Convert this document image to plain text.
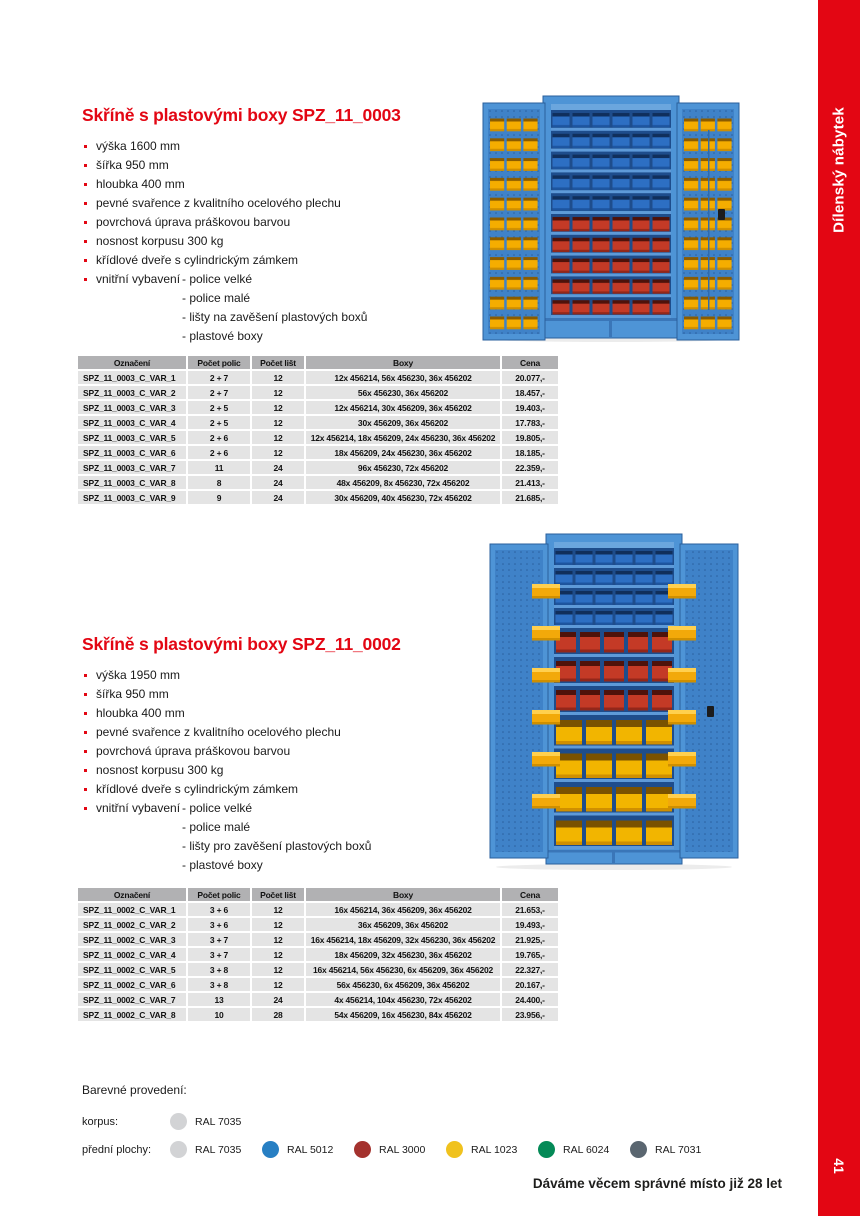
Skříně s plastovými boxy SPZ_11_0003
výška 1600 mm
šířka 950 mm
hloubka 400 mm
pevné svařence z kvalitního ocelového plechu
povrchová úprava práškovou barvou
nosnost korpusu 300 kg
křídlové dveře s cylindrickým zámkem
vnitřní vybavení - police velké
- police malé
- lišty na zavěšení plastových boxů
- plastové boxy
Označení	Počet polic	Počet lišt	Boxy	Cena
SPZ_11_0003_C_VAR_1	2 + 7	12	12x 456214, 56x 456230, 36x 456202	20.077,-
SPZ_11_0003_C_VAR_2	2 + 7	12	56x 456230, 36x 456202	18.457,-
SPZ_11_0003_C_VAR_3	2 + 5	12	12x 456214, 30x 456209, 36x 456202	19.403,-
SPZ_11_0003_C_VAR_4	2 + 5	12	30x 456209, 36x 456202	17.783,-
SPZ_11_0003_C_VAR_5	2 + 6	12	12x 456214, 18x 456209, 24x 456230, 36x 456202	19.805,-
SPZ_11_0003_C_VAR_6	2 + 6	12	18x 456209, 24x 456230, 36x 456202	18.185,-
SPZ_11_0003_C_VAR_7	11	24	96x 456230, 72x 456202	22.359,-
SPZ_11_0003_C_VAR_8	8	24	48x 456209, 8x 456230, 72x 456202	21.413,-
SPZ_11_0003_C_VAR_9	9	24	30x 456209, 40x 456230, 72x 456202	21.685,-
Skříně s plastovými boxy SPZ_11_0002
výška 1950 mm
šířka 950 mm
hloubka 400 mm
pevné svařence z kvalitního ocelového plechu
povrchová úprava práškovou barvou
nosnost korpusu 300 kg
křídlové dveře s cylindrickým zámkem
vnitřní vybavení - police velké
- police malé
- lišty pro zavěšení plastových boxů
- plastové boxy
Označení	Počet polic	Počet lišt	Boxy	Cena
SPZ_11_0002_C_VAR_1	3 + 6	12	16x 456214, 36x 456209, 36x 456202	21.653,-
SPZ_11_0002_C_VAR_2	3 + 6	12	36x 456209, 36x 456202	19.493,-
SPZ_11_0002_C_VAR_3	3 + 7	12	16x 456214, 18x 456209, 32x 456230, 36x 456202	21.925,-
SPZ_11_0002_C_VAR_4	3 + 7	12	18x 456209, 32x 456230, 36x 456202	19.765,-
SPZ_11_0002_C_VAR_5	3 + 8	12	16x 456214, 56x 456230, 6x 456209, 36x 456202	22.327,-
SPZ_11_0002_C_VAR_6	3 + 8	12	56x 456230, 6x 456209, 36x 456202	20.167,-
SPZ_11_0002_C_VAR_7	13	24	4x 456214, 104x 456230, 72x 456202	24.400,-
SPZ_11_0002_C_VAR_8	10	28	54x 456209, 16x 456230, 84x 456202	23.956,-

Barevné provedení:

korpus:	RAL 7035
přední plochy:	RAL 7035	RAL 5012	RAL 3000	RAL 1023	RAL 6024	RAL 7031
Dáváme věcem správné místo již 28 let
Dílenský nábytek
41
